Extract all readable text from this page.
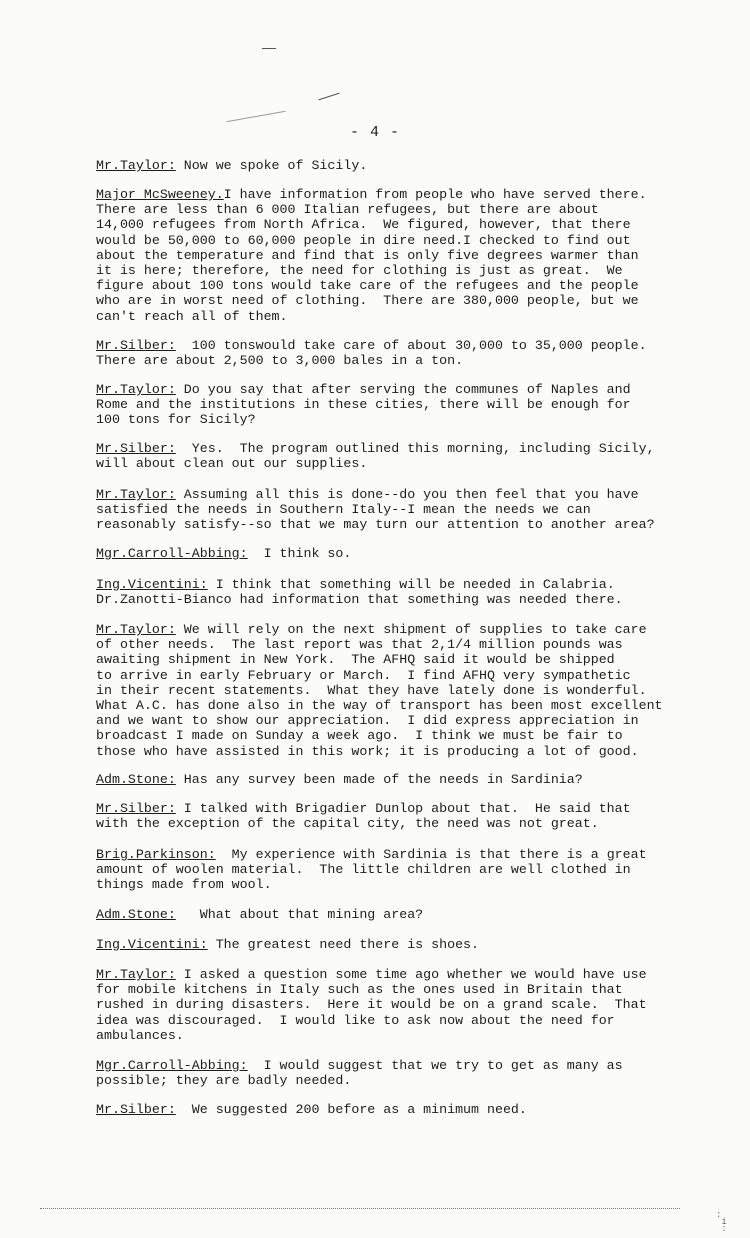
- 4 -
Mr.Taylor: Now we spoke of Sicily.
Major McSweeney.I have information from people who have served there.
There are less than 6 000 Italian refugees, but there are about
14,000 refugees from North Africa.  We figured, however, that there
would be 50,000 to 60,000 people in dire need.I checked to find out
about the temperature and find that is only five degrees warmer than
it is here; therefore, the need for clothing is just as great.  We
figure about 100 tons would take care of the refugees and the people
who are in worst need of clothing.  There are 380,000 people, but we
can't reach all of them.
Mr.Silber:  100 tonswould take care of about 30,000 to 35,000 people.
There are about 2,500 to 3,000 bales in a ton.
Mr.Taylor: Do you say that after serving the communes of Naples and
Rome and the institutions in these cities, there will be enough for
100 tons for Sicily?
Mr.Silber:  Yes.  The program outlined this morning, including Sicily,
will about clean out our supplies.
Mr.Taylor: Assuming all this is done--do you then feel that you have
satisfied the needs in Southern Italy--I mean the needs we can
reasonably satisfy--so that we may turn our attention to another area?
Mgr.Carroll-Abbing:  I think so.
Ing.Vicentini: I think that something will be needed in Calabria.
Dr.Zanotti-Bianco had information that something was needed there.
Mr.Taylor: We will rely on the next shipment of supplies to take care
of other needs.  The last report was that 2,1/4 million pounds was
awaiting shipment in New York.  The AFHQ said it would be shipped
to arrive in early February or March.  I find AFHQ very sympathetic
in their recent statements.  What they have lately done is wonderful.
What A.C. has done also in the way of transport has been most excellent
and we want to show our appreciation.  I did express appreciation in
broadcast I made on Sunday a week ago.  I think we must be fair to
those who have assisted in this work; it is producing a lot of good.
Adm.Stone: Has any survey been made of the needs in Sardinia?
Mr.Silber: I talked with Brigadier Dunlop about that.  He said that
with the exception of the capital city, the need was not great.
Brig.Parkinson:  My experience with Sardinia is that there is a great
amount of woolen material.  The little children are well clothed in
things made from wool.
Adm.Stone:   What about that mining area?
Ing.Vicentini: The greatest need there is shoes.
Mr.Taylor: I asked a question some time ago whether we would have use
for mobile kitchens in Italy such as the ones used in Britain that
rushed in during disasters.  Here it would be on a grand scale.  That
idea was discouraged.  I would like to ask now about the need for
ambulances.
Mgr.Carroll-Abbing:  I would suggest that we try to get as many as
possible; they are badly needed.
Mr.Silber:  We suggested 200 before as a minimum need.
:
i
:
